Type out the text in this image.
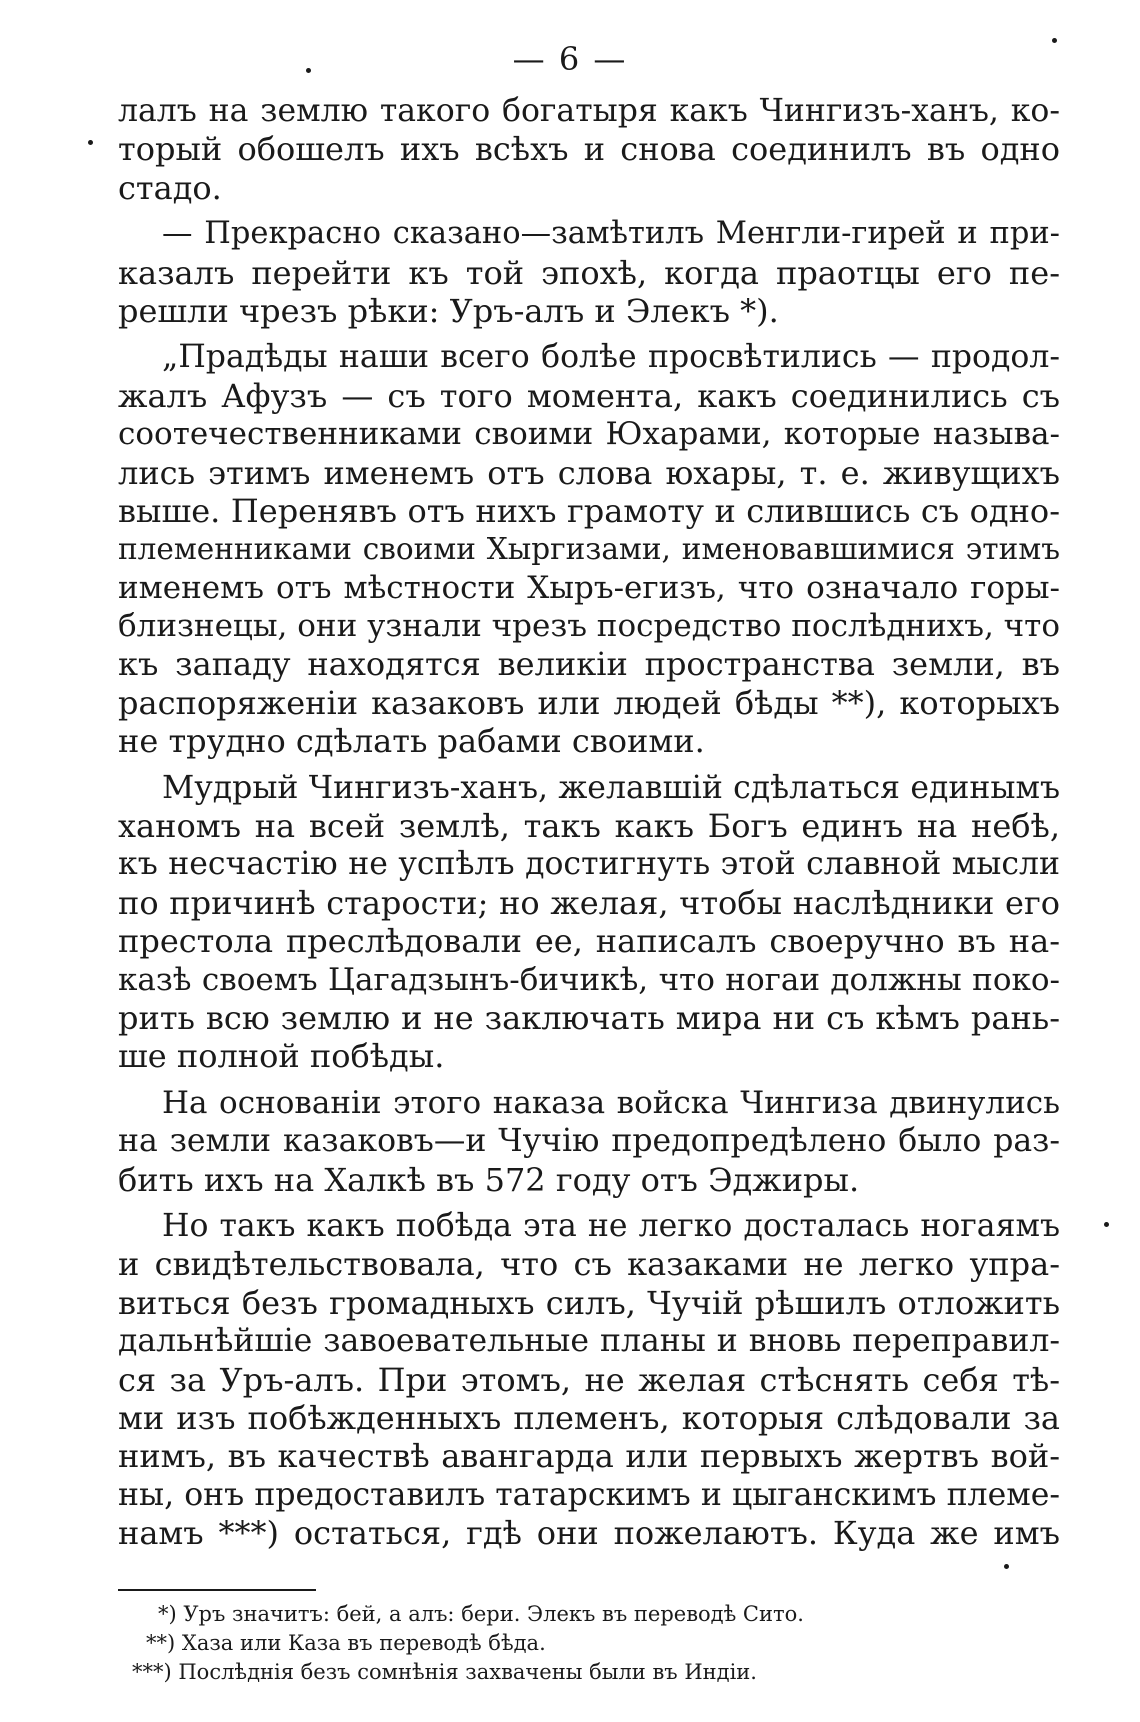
— 6 —
лалъ на землю такого богатыря какъ Чингизъ-ханъ, ко-
торый обошелъ ихъ всѣхъ и снова соединилъ въ одно
стадо.
— Прекрасно сказано—замѣтилъ Менгли-гирей и при-
казалъ перейти къ той эпохѣ, когда праотцы его пе-
решли чрезъ рѣки: Уръ-алъ и Элекъ *).
„Прадѣды наши всего болѣе просвѣтились — продол-
жалъ Афузъ — съ того момента, какъ соединились съ
соотечественниками своими Юхарами, которые называ-
лись этимъ именемъ отъ слова юхары, т. е. живущихъ
выше. Перенявъ отъ нихъ грамоту и слившись съ одно-
племенниками своими Хыргизами, именовавшимися этимъ
именемъ отъ мѣстности Хыръ-егизъ, что означало горы-
близнецы, они узнали чрезъ посредство послѣднихъ, что
къ западу находятся великiи пространства земли, въ
распоряженiи казаковъ или людей бѣды **), которыхъ
не трудно сдѣлать рабами своими.
Мудрый Чингизъ-ханъ, желавшiй сдѣлаться единымъ
ханомъ на всей землѣ, такъ какъ Богъ единъ на небѣ,
къ несчастiю не успѣлъ достигнуть этой славной мысли
по причинѣ старости; но желая, чтобы наслѣдники его
престола преслѣдовали ее, написалъ своеручно въ на-
казѣ своемъ Цагадзынъ-бичикѣ, что ногаи должны поко-
рить всю землю и не заключать мира ни съ кѣмъ рань-
ше полной побѣды.
На основанiи этого наказа войска Чингиза двинулись
на земли казаковъ—и Чучiю предопредѣлено было раз-
бить ихъ на Халкѣ въ 572 году отъ Эджиры.
Но такъ какъ побѣда эта не легко досталась ногаямъ
и свидѣтельствовала, что съ казаками не легко упра-
виться безъ громадныхъ силъ, Чучiй рѣшилъ отложить
дальнѣйшiе завоевательные планы и вновь переправил-
ся за Уръ-алъ. При этомъ, не желая стѣснять себя тѣ-
ми изъ побѣжденныхъ племенъ, которыя слѣдовали за
нимъ, въ качествѣ авангарда или первыхъ жертвъ вой-
ны, онъ предоставилъ татарскимъ и цыганскимъ племе-
намъ ***) остаться, гдѣ они пожелаютъ. Куда же имъ
*) Уръ значитъ: бей, а алъ: бери. Элекъ въ переводѣ Сито.
**) Хаза или Каза въ переводѣ бѣда.
***) Послѣднiя безъ сомнѣнiя захвачены были въ Индiи.
